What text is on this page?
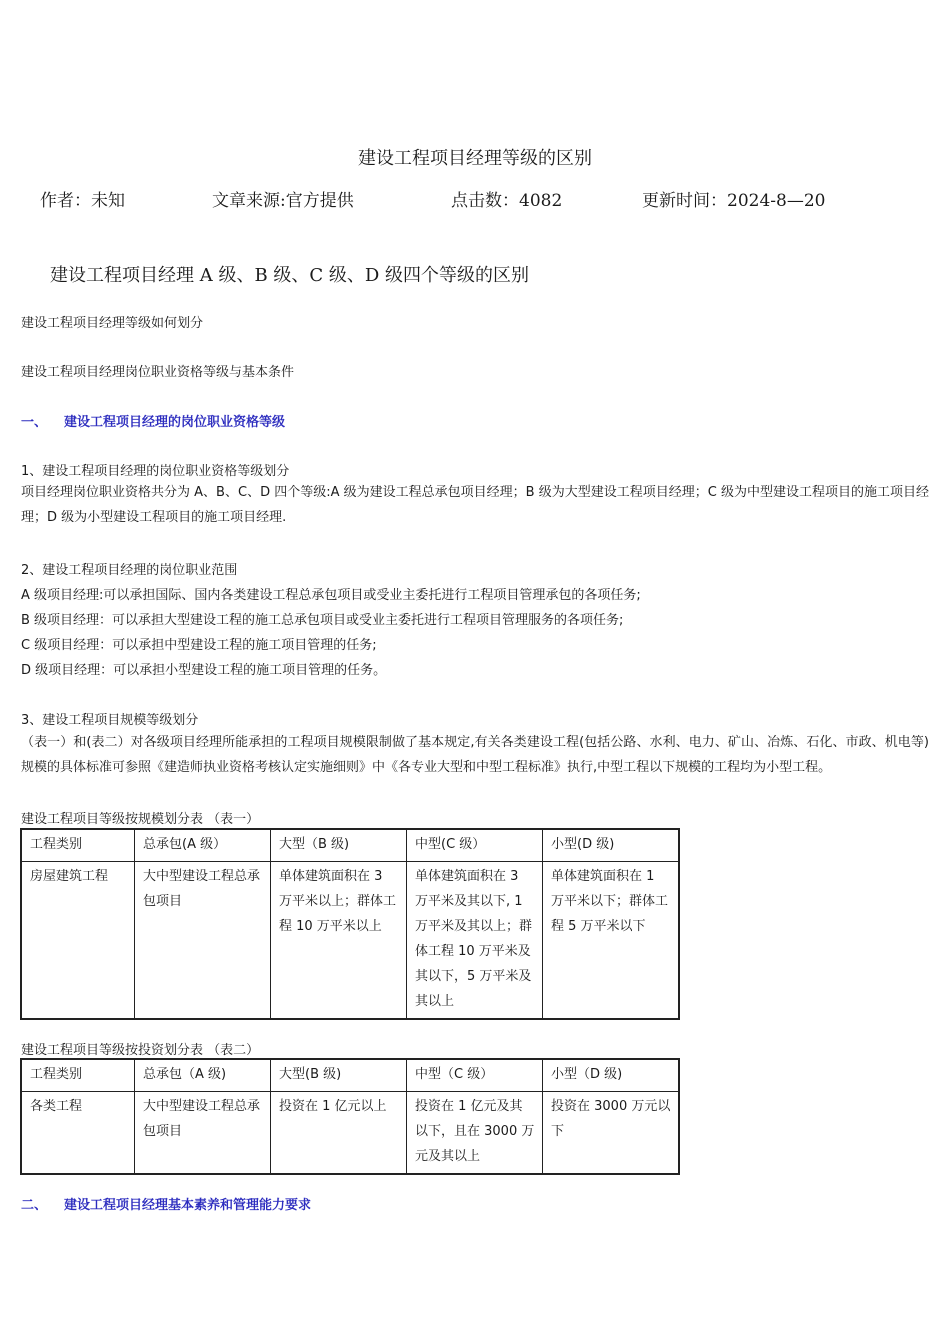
建设工程项目经理等级的区别
作者：未知	文章来源:官方提供	点击数：4082	更新时间：2024-8—20
建设工程项目经理 A 级、B 级、C 级、D 级四个等级的区别
建设工程项目经理等级如何划分
建设工程项目经理岗位职业资格等级与基本条件
一、 建设工程项目经理的岗位职业资格等级
1、建设工程项目经理的岗位职业资格等级划分
项目经理岗位职业资格共分为 A、B、C、D 四个等级:A 级为建设工程总承包项目经理；B 级为大型建设工程项目经理；C 级为中型建设工程项目的施工项目经理；D 级为小型建设工程项目的施工项目经理.
2、建设工程项目经理的岗位职业范围
A 级项目经理:可以承担国际、国内各类建设工程总承包项目或受业主委托进行工程项目管理承包的各项任务;
B 级项目经理：可以承担大型建设工程的施工总承包项目或受业主委托进行工程项目管理服务的各项任务;
C 级项目经理：可以承担中型建设工程的施工项目管理的任务;
D 级项目经理：可以承担小型建设工程的施工项目管理的任务。
3、建设工程项目规模等级划分
（表一）和(表二）对各级项目经理所能承担的工程项目规模限制做了基本规定,有关各类建设工程(包括公路、水利、电力、矿山、冶炼、石化、市政、机电等)规模的具体标准可参照《建造师执业资格考核认定实施细则》中《各专业大型和中型工程标准》执行,中型工程以下规模的工程均为小型工程。
建设工程项目等级按规模划分表 （表一）
工程类别	总承包(A 级）	大型（B 级)	中型(C 级）	小型(D 级)
房屋建筑工程	大中型建设工程总承包项目	单体建筑面积在 3 万平米以上；群体工程 10 万平米以上	单体建筑面积在 3 万平米及其以下, 1 万平米及其以上；群体工程 10 万平米及其以下，5 万平米及其以上	单体建筑面积在 1 万平米以下；群体工程 5 万平米以下
建设工程项目等级按投资划分表 （表二）
工程类别	总承包（A 级)	大型(B 级)	中型（C 级）	小型（D 级)
各类工程	大中型建设工程总承包项目	投资在 1 亿元以上	投资在 1 亿元及其以下，且在 3000 万元及其以上	投资在 3000 万元以下
二、 建设工程项目经理基本素养和管理能力要求
